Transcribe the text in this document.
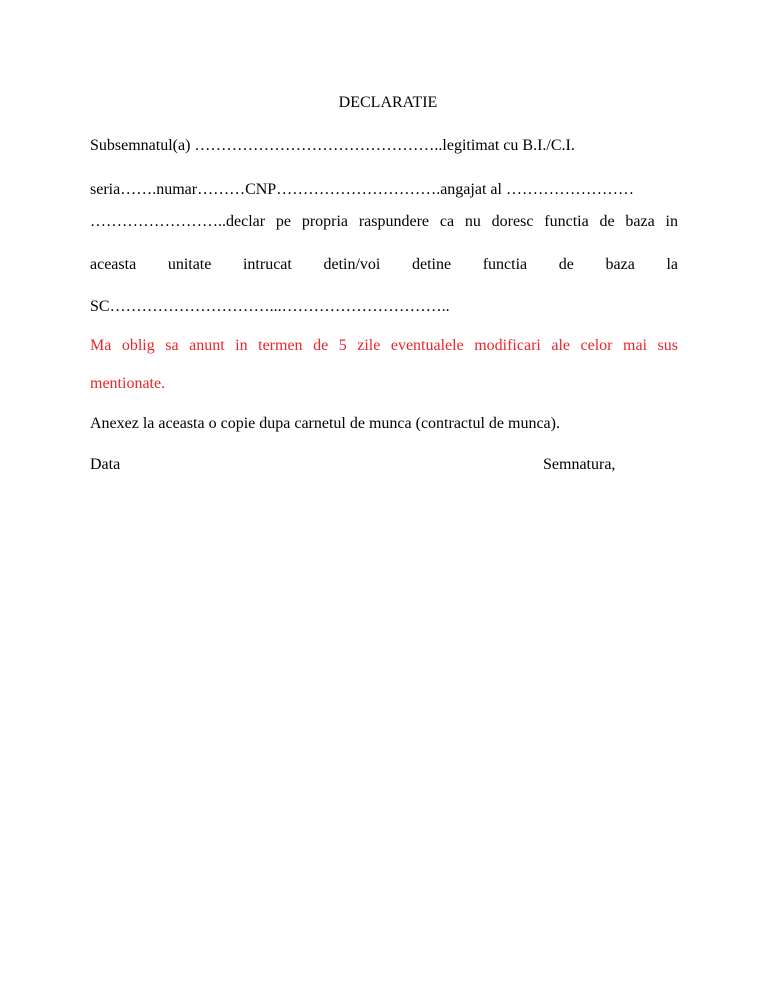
DECLARATIE
Subsemnatul(a) ………………………………………..legitimat cu B.I./C.I.
seria…….numar………CNP………………………….angajat al ……………………
……………………..declar pe propria raspundere ca nu doresc functia de baza in
aceasta unitate intrucat detin/voi detine functia de baza la
SC…………………………...…………………………..
Ma oblig sa anunt in termen de 5 zile eventualele modificari ale celor mai sus
mentionate.
Anexez la aceasta o copie dupa carnetul de munca (contractul de munca).
Data	Semnatura,
